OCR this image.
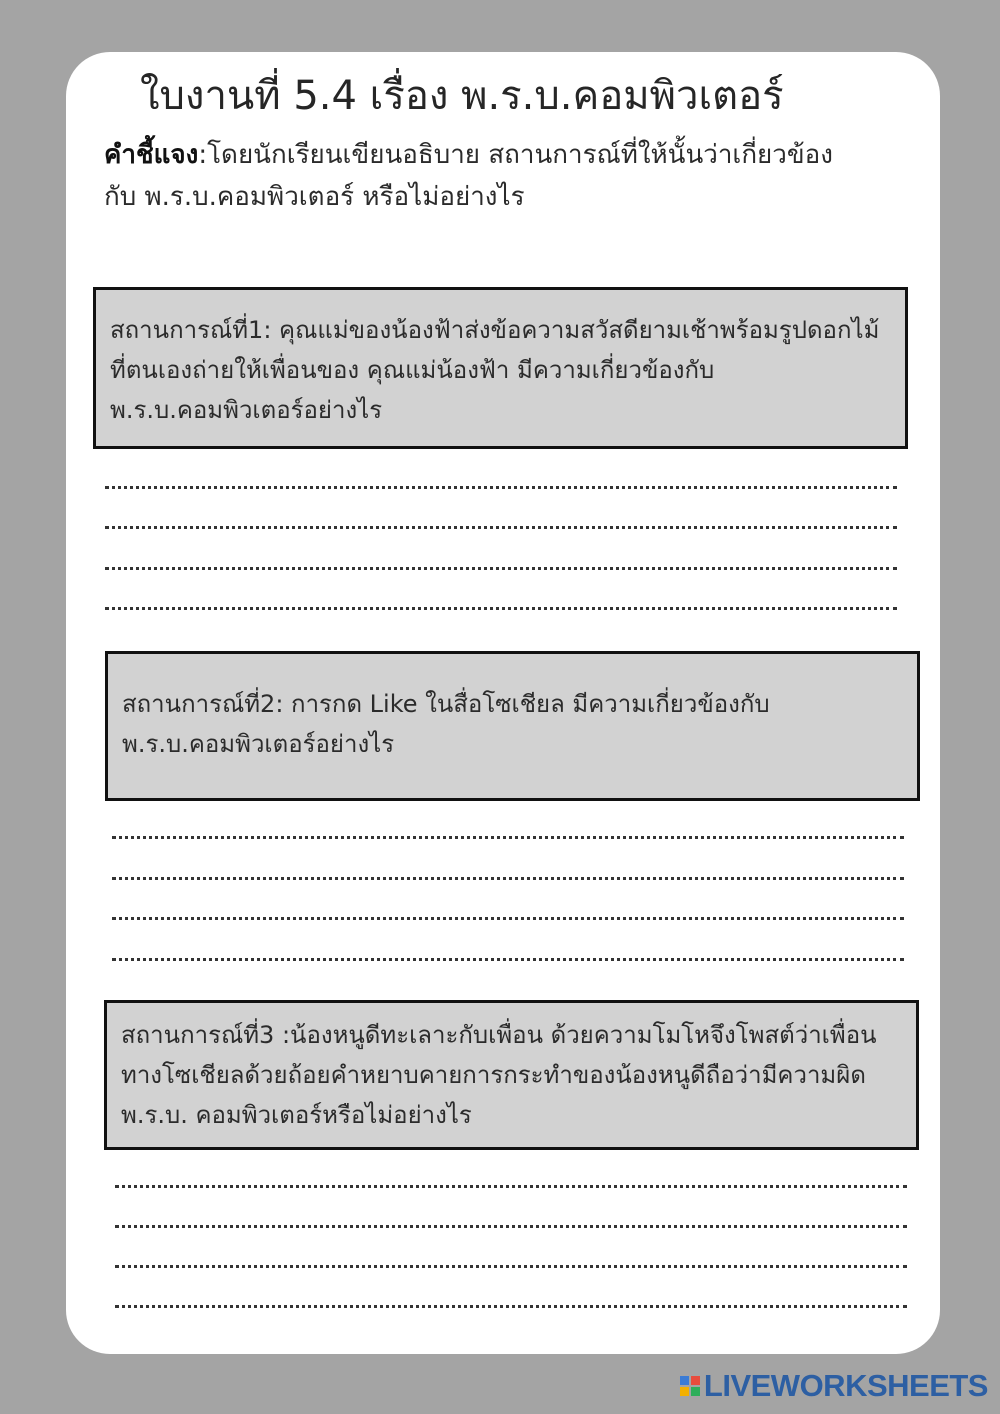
ใบงานที่ 5.4 เรื่อง พ.ร.บ.คอมพิวเตอร์
คำชี้แจง:โดยนักเรียนเขียนอธิบาย สถานการณ์ที่ให้นั้นว่าเกี่ยวข้องกับ พ.ร.บ.คอมพิวเตอร์ หรือไม่อย่างไร
สถานการณ์ที่1: คุณแม่ของน้องฟ้าส่งข้อความสวัสดียามเช้าพร้อมรูปดอกไม้ที่ตนเองถ่ายให้เพื่อนของ คุณแม่น้องฟ้า มีความเกี่ยวข้องกับ พ.ร.บ.คอมพิวเตอร์อย่างไร
สถานการณ์ที่2: การกด Like ในสื่อโซเชียล มีความเกี่ยวข้องกับ พ.ร.บ.คอมพิวเตอร์อย่างไร
สถานการณ์ที่3 :น้องหนูดีทะเลาะกับเพื่อน ด้วยความโมโหจึงโพสต์ว่าเพื่อนทางโซเชียลด้วยถ้อยคำหยาบคายการกระทำของน้องหนูดีถือว่ามีความผิดพ.ร.บ. คอมพิวเตอร์หรือไม่อย่างไร
LIVEWORKSHEETS
